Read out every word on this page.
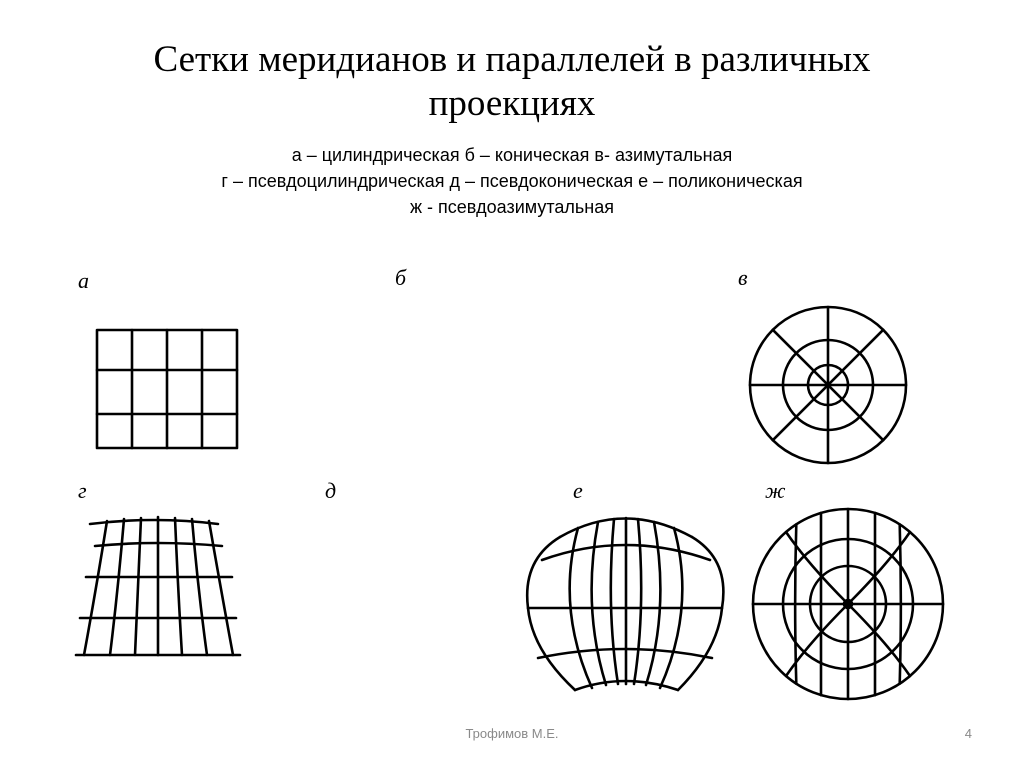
Сетки меридианов и параллелей в различных
проекциях
а – цилиндрическая б – коническая в- азимутальная
г – псевдоцилиндрическая д – псевдоконическая е – поликоническая
ж - псевдоазимутальная
а	б	в
г	д	е	ж
Трофимов М.Е.	4
